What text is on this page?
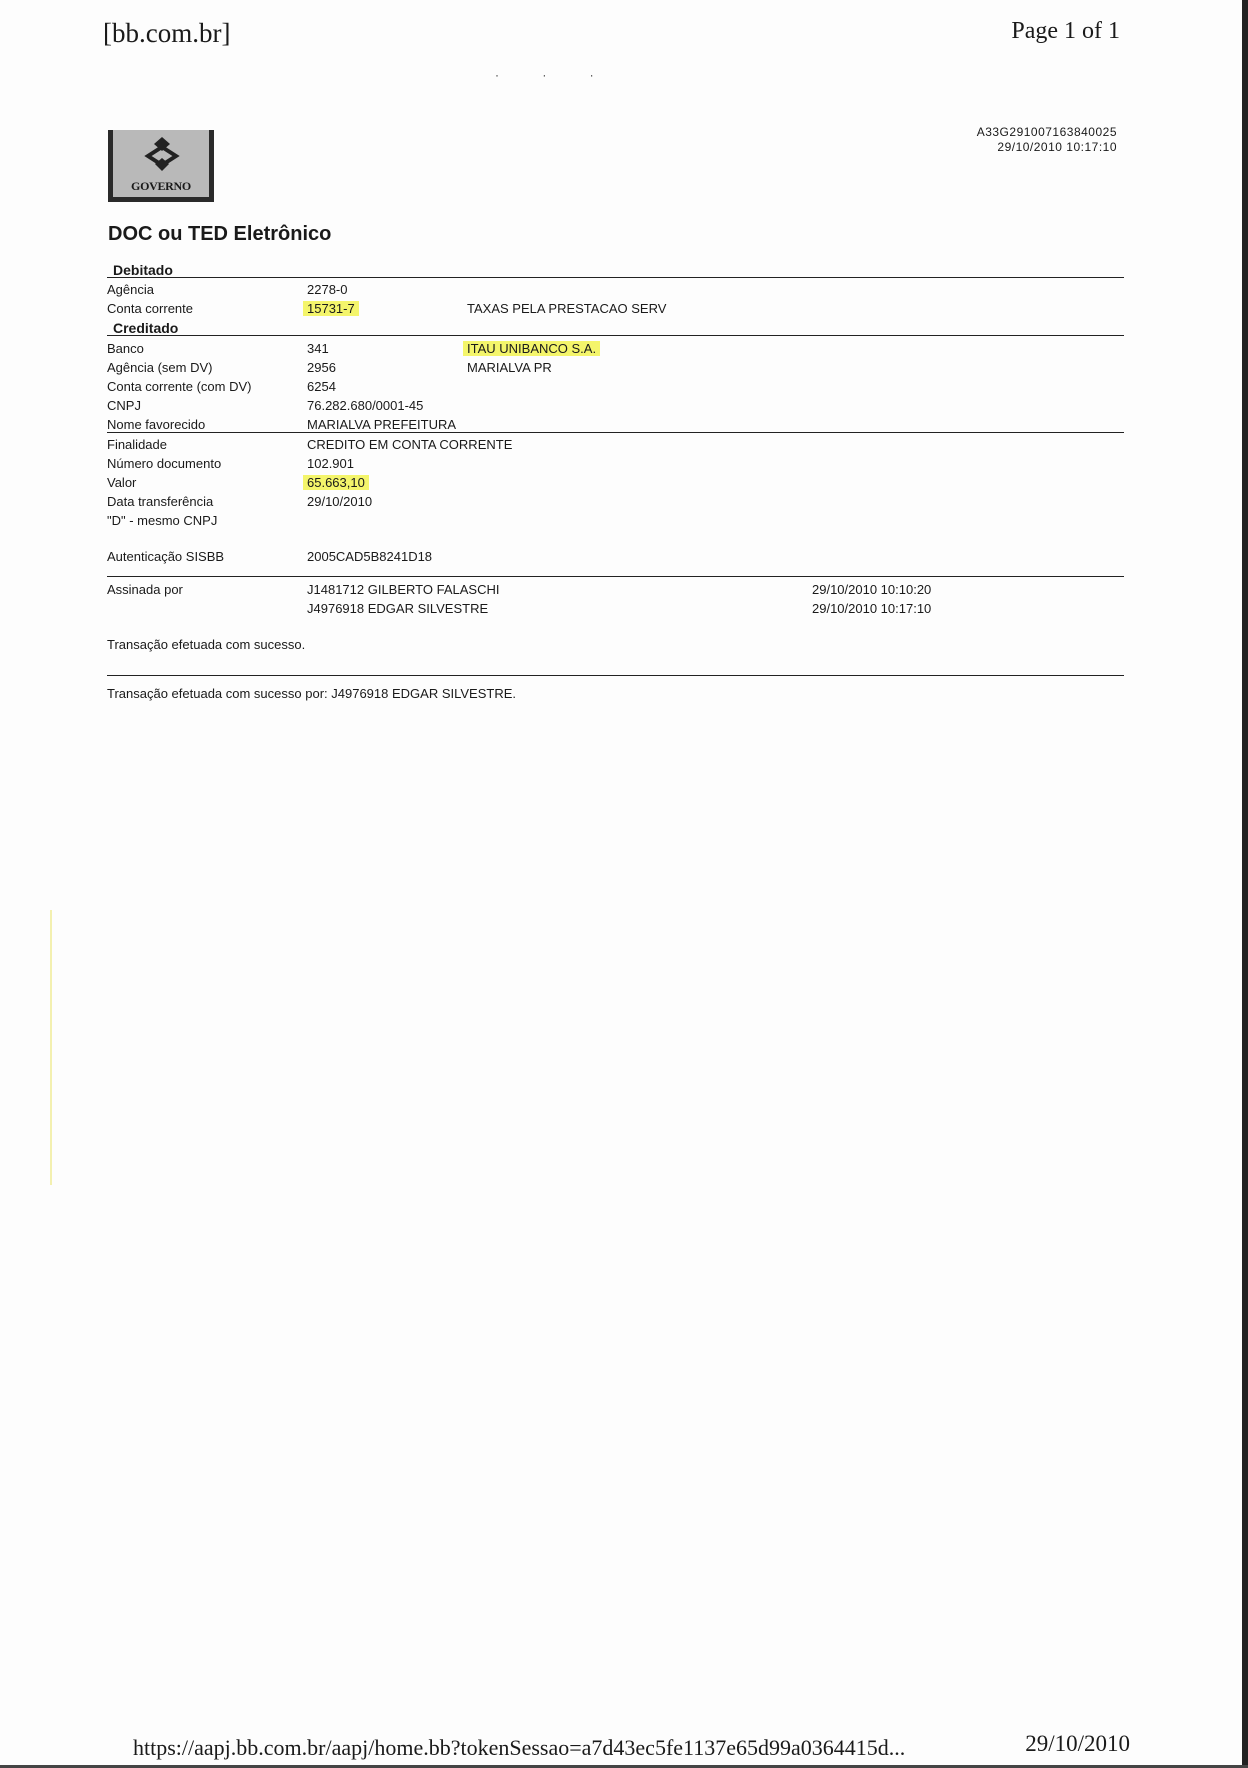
[bb.com.br]	Page 1 of 1
· · ·
GOVERNO
A33G291007163840025
29/10/2010 10:17:10
DOC ou TED Eletrônico
Debitado
Agência	2278-0
Conta corrente	15731-7	TAXAS PELA PRESTACAO SERV
Creditado
Banco	341	ITAU UNIBANCO S.A.
Agência (sem DV)	2956	MARIALVA PR
Conta corrente (com DV)	6254
CNPJ	76.282.680/0001-45
Nome favorecido	MARIALVA PREFEITURA
Finalidade	CREDITO EM CONTA CORRENTE
Número documento	102.901
Valor	65.663,10
Data transferência	29/10/2010
"D" - mesmo CNPJ
Autenticação SISBB	2005CAD5B8241D18
Assinada por	J1481712 GILBERTO FALASCHI	29/10/2010 10:10:20
J4976918 EDGAR SILVESTRE	29/10/2010 10:17:10
Transação efetuada com sucesso.
Transação efetuada com sucesso por: J4976918 EDGAR SILVESTRE.
https://aapj.bb.com.br/aapj/home.bb?tokenSessao=a7d43ec5fe1137e65d99a0364415d...	29/10/2010
